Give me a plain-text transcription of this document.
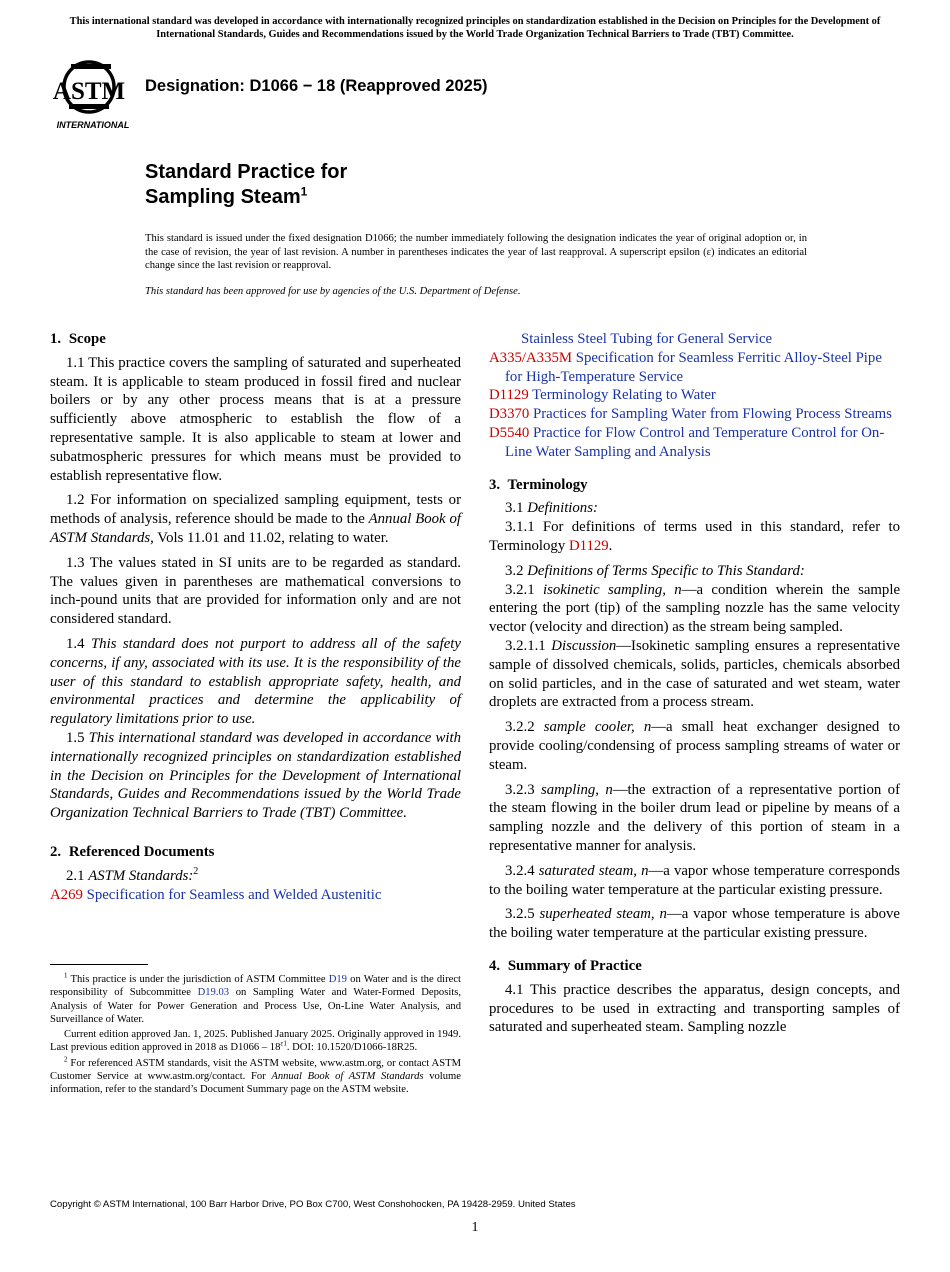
This international standard was developed in accordance with internationally recognized principles on standardization established in the Decision on Principles for the Development of International Standards, Guides and Recommendations issued by the World Trade Organization Technical Barriers to Trade (TBT) Committee.
ASTM
INTERNATIONAL
Designation: D1066 − 18 (Reapproved 2025)
Standard Practice for
Sampling Steam$^1$
This standard is issued under the fixed designation D1066; the number immediately following the designation indicates the year of original adoption or, in the case of revision, the year of last revision. A number in parentheses indicates the year of last reapproval. A superscript epsilon (ε) indicates an editorial change since the last revision or reapproval.
This standard has been approved for use by agencies of the U.S. Department of Defense.
1. Scope

1.1 This practice covers the sampling of saturated and superheated steam. It is applicable to steam produced in fossil fired and nuclear boilers or by any other process means that is at a pressure sufficiently above atmospheric to establish the flow of a representative sample. It is also applicable to steam at lower and subatmospheric pressures for which means must be provided to establish representative flow.

1.2 For information on specialized sampling equipment, tests or methods of analysis, reference should be made to the Annual Book of ASTM Standards, Vols 11.01 and 11.02, relating to water.

1.3 The values stated in SI units are to be regarded as standard. The values given in parentheses are mathematical conversions to inch-pound units that are provided for information only and are not considered standard.

1.4 This standard does not purport to address all of the safety concerns, if any, associated with its use. It is the responsibility of the user of this standard to establish appropriate safety, health, and environmental practices and determine the applicability of regulatory limitations prior to use.

1.5 This international standard was developed in accordance with internationally recognized principles on standardization established in the Decision on Principles for the Development of International Standards, Guides and Recommendations issued by the World Trade Organization Technical Barriers to Trade (TBT) Committee.

2. Referenced Documents

2.1 ASTM Standards:$^2$

A269 Specification for Seamless and Welded Austenitic

Stainless Steel Tubing for General Service

A335/A335M Specification for Seamless Ferritic Alloy-Steel Pipe for High-Temperature Service

D1129 Terminology Relating to Water

D3370 Practices for Sampling Water from Flowing Process Streams

D5540 Practice for Flow Control and Temperature Control for On-Line Water Sampling and Analysis

3. Terminology

3.1 Definitions:

3.1.1 For definitions of terms used in this standard, refer to Terminology D1129.

3.2 Definitions of Terms Specific to This Standard:

3.2.1 isokinetic sampling, n—a condition wherein the sample entering the port (tip) of the sampling nozzle has the same velocity vector (velocity and direction) as the stream being sampled.

3.2.1.1 Discussion—Isokinetic sampling ensures a representative sample of dissolved chemicals, solids, particles, chemicals absorbed on solid particles, and in the case of saturated and wet steam, water droplets are extracted from a process stream.

3.2.2 sample cooler, n—a small heat exchanger designed to provide cooling/condensing of process sampling streams of water or steam.

3.2.3 sampling, n—the extraction of a representative portion of the steam flowing in the boiler drum lead or pipeline by means of a sampling nozzle and the delivery of this portion of steam in a representative manner for analysis.

3.2.4 saturated steam, n—a vapor whose temperature corresponds to the boiling water temperature at the particular existing pressure.

3.2.5 superheated steam, n—a vapor whose temperature is above the boiling water temperature at the particular existing pressure.

4. Summary of Practice

4.1 This practice describes the apparatus, design concepts, and procedures to be used in extracting and transporting samples of saturated and superheated steam. Sampling nozzle

$^1$ This practice is under the jurisdiction of ASTM Committee D19 on Water and is the direct responsibility of Subcommittee D19.03 on Sampling Water and Water-Formed Deposits, Analysis of Water for Power Generation and Process Use, On-Line Water Analysis, and Surveillance of Water.

Current edition approved Jan. 1, 2025. Published January 2025. Originally approved in 1949. Last previous edition approved in 2018 as $D1066 - 18^{\varepsilon 1}$. DOI: 10.1520/D1066-18R25.

$^2$ For referenced ASTM standards, visit the ASTM website, www.astm.org, or contact ASTM Customer Service at www.astm.org/contact. For Annual Book of ASTM Standards volume information, refer to the standard’s Document Summary page on the ASTM website.

Copyright © ASTM International, 100 Barr Harbor Drive, PO Box C700, West Conshohocken, PA 19428-2959. United States
1
